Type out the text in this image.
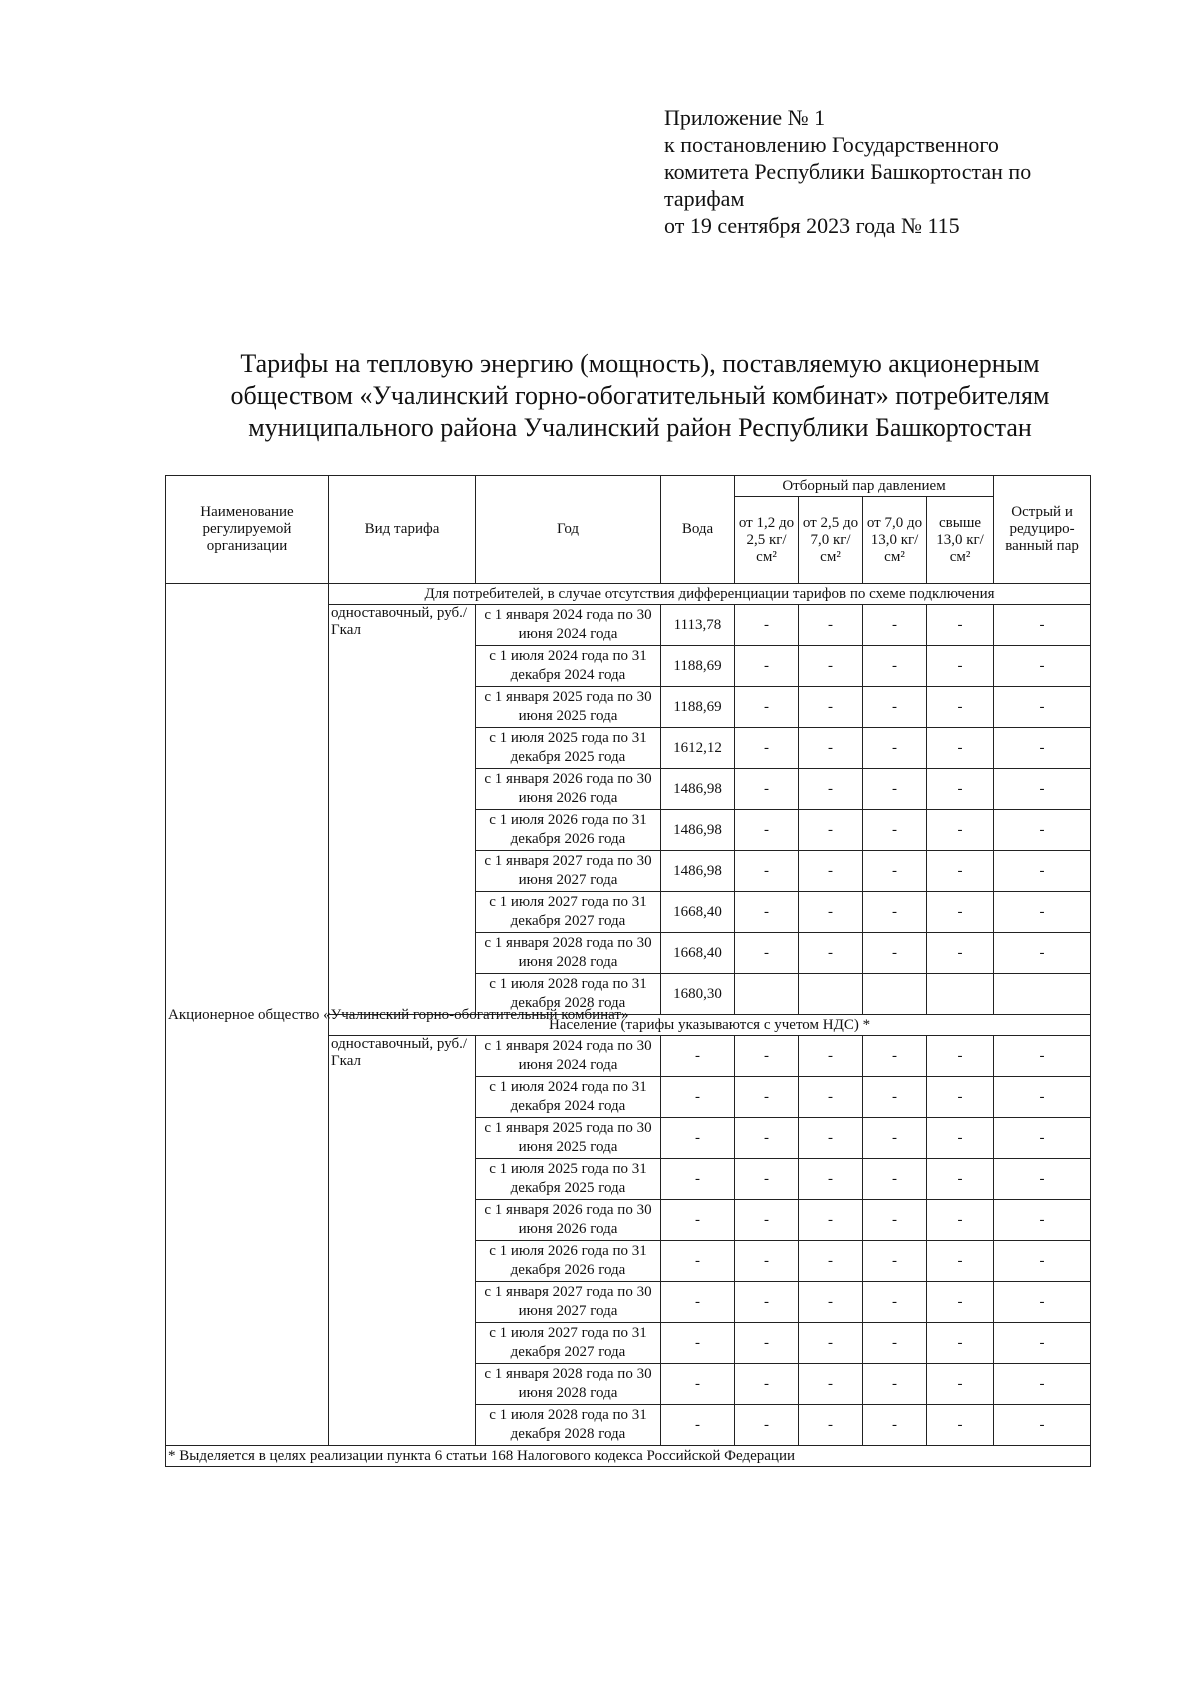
Приложение № 1
к постановлению Государственного
комитета Республики Башкортостан по
тарифам
от 19 сентября 2023 года № 115
Тарифы на тепловую энергию (мощность), поставляемую акционерным
обществом «Учалинский горно-обогатительный комбинат» потребителям
муниципального района Учалинский район Республики Башкортостан
Наименование регулируемой организации	Вид тарифа	Год	Вода	Отборный пар давлением				Острый и редуциро-ванный пар
				от 1,2 до 2,5 кг/см²	от 2,5 до 7,0 кг/см²	от 7,0 до 13,0 кг/см²	свыше 13,0 кг/см²	
Акционерное общество «Учалинский горно-обогатительный комбинат»	Для потребителей, в случае отсутствия дифференциации тарифов по схеме подключения							
	одноставочный, руб./Гкал	с 1 января 2024 года по 30 июня 2024 года	1113,78	-	-	-	-	-
		с 1 июля 2024 года по 31 декабря 2024 года	1188,69	-	-	-	-	-
		с 1 января 2025 года по 30 июня 2025 года	1188,69	-	-	-	-	-
		с 1 июля 2025 года по 31 декабря 2025 года	1612,12	-	-	-	-	-
		с 1 января 2026 года по 30 июня 2026 года	1486,98	-	-	-	-	-
		с 1 июля 2026 года по 31 декабря 2026 года	1486,98	-	-	-	-	-
		с 1 января 2027 года по 30 июня 2027 года	1486,98	-	-	-	-	-
		с 1 июля 2027 года по 31 декабря 2027 года	1668,40	-	-	-	-	-
		с 1 января 2028 года по 30 июня 2028 года	1668,40	-	-	-	-	-
		с 1 июля 2028 года по 31 декабря 2028 года	1680,30					
	Население (тарифы указываются с учетом НДС) *							
	одноставочный, руб./Гкал	с 1 января 2024 года по 30 июня 2024 года	-	-	-	-	-	-
		с 1 июля 2024 года по 31 декабря 2024 года	-	-	-	-	-	-
		с 1 января 2025 года по 30 июня 2025 года	-	-	-	-	-	-
		с 1 июля 2025 года по 31 декабря 2025 года	-	-	-	-	-	-
		с 1 января 2026 года по 30 июня 2026 года	-	-	-	-	-	-
		с 1 июля 2026 года по 31 декабря 2026 года	-	-	-	-	-	-
		с 1 января 2027 года по 30 июня 2027 года	-	-	-	-	-	-
		с 1 июля 2027 года по 31 декабря 2027 года	-	-	-	-	-	-
		с 1 января 2028 года по 30 июня 2028 года	-	-	-	-	-	-
		с 1 июля 2028 года по 31 декабря 2028 года	-	-	-	-	-	-
* Выделяется в целях реализации пункта 6 статьи 168 Налогового кодекса Российской Федерации								
